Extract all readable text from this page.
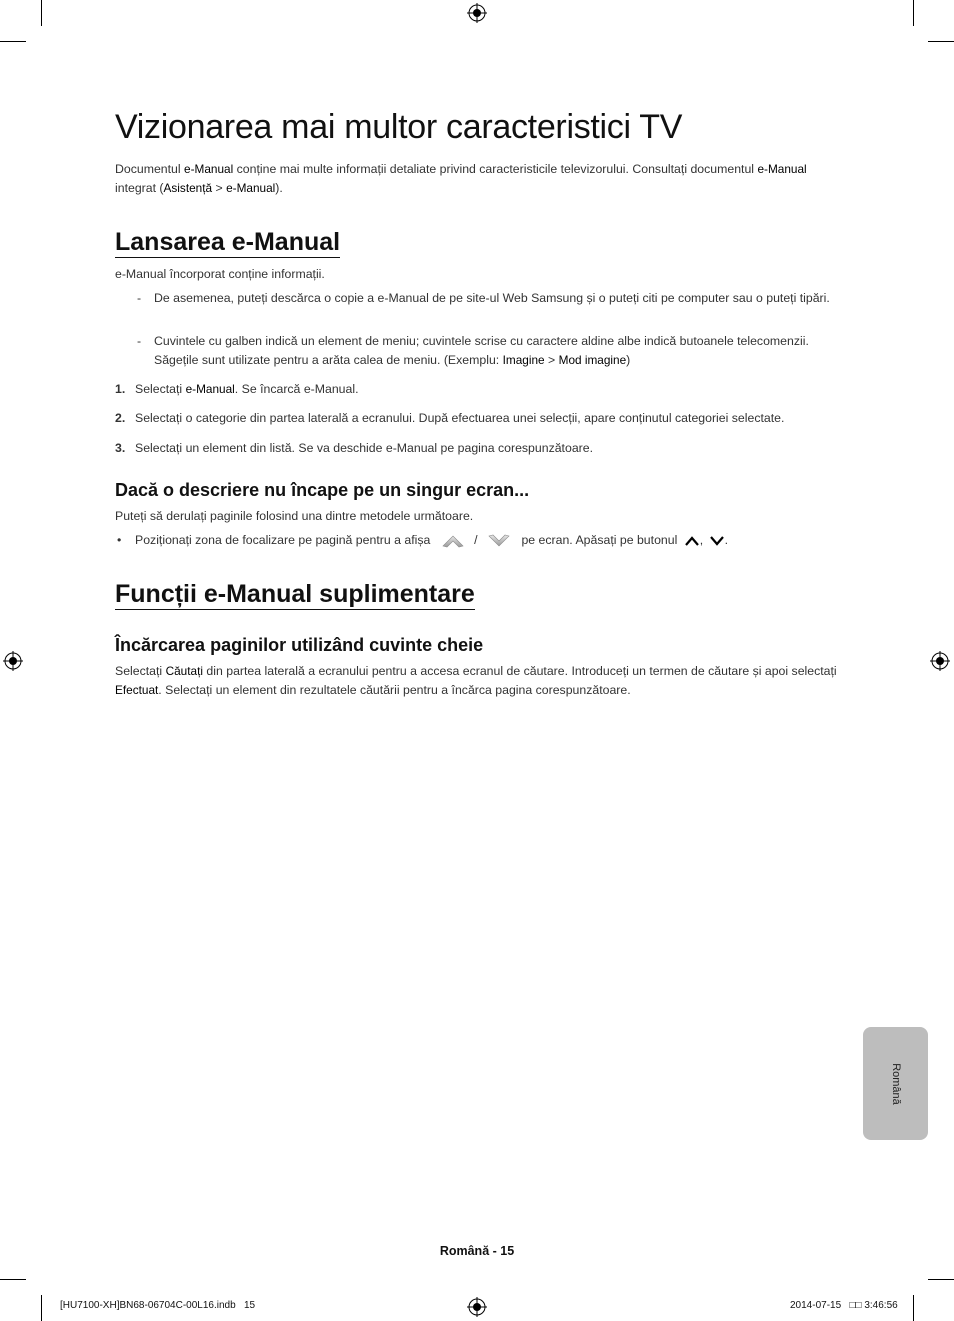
Vizionarea mai multor caracteristici TV
Documentul e-Manual conține mai multe informații detaliate privind caracteristicile televizorului. Consultați documentul e-Manual integrat (Asistență > e-Manual).
Lansarea e-Manual
e-Manual încorporat conține informații.
- De asemenea, puteți descărca o copie a e-Manual de pe site-ul Web Samsung și o puteți citi pe computer sau o puteți tipări.
- Cuvintele cu galben indică un element de meniu; cuvintele scrise cu caractere aldine albe indică butoanele telecomenzii. Săgețile sunt utilizate pentru a arăta calea de meniu. (Exemplu: Imagine > Mod imagine)
1. Selectați e-Manual. Se încarcă e-Manual.
2. Selectați o categorie din partea laterală a ecranului. După efectuarea unei selecții, apare conținutul categoriei selectate.
3. Selectați un element din listă. Se va deschide e-Manual pe pagina corespunzătoare.
Dacă o descriere nu încape pe un singur ecran...
Puteți să derulați paginile folosind una dintre metodele următoare.
• Poziționați zona de focalizare pe pagină pentru a afișa	/	pe ecran. Apăsați pe butonul , .
Funcții e-Manual suplimentare
Încărcarea paginilor utilizând cuvinte cheie
Selectați Căutați din partea laterală a ecranului pentru a accesa ecranul de căutare. Introduceți un termen de căutare și apoi selectați Efectuat. Selectați un element din rezultatele căutării pentru a încărca pagina corespunzătoare.
Română
Română - 15
[HU7100-XH]BN68-06704C-00L16.indb   15	2014-07-15   □□ 3:46:56
